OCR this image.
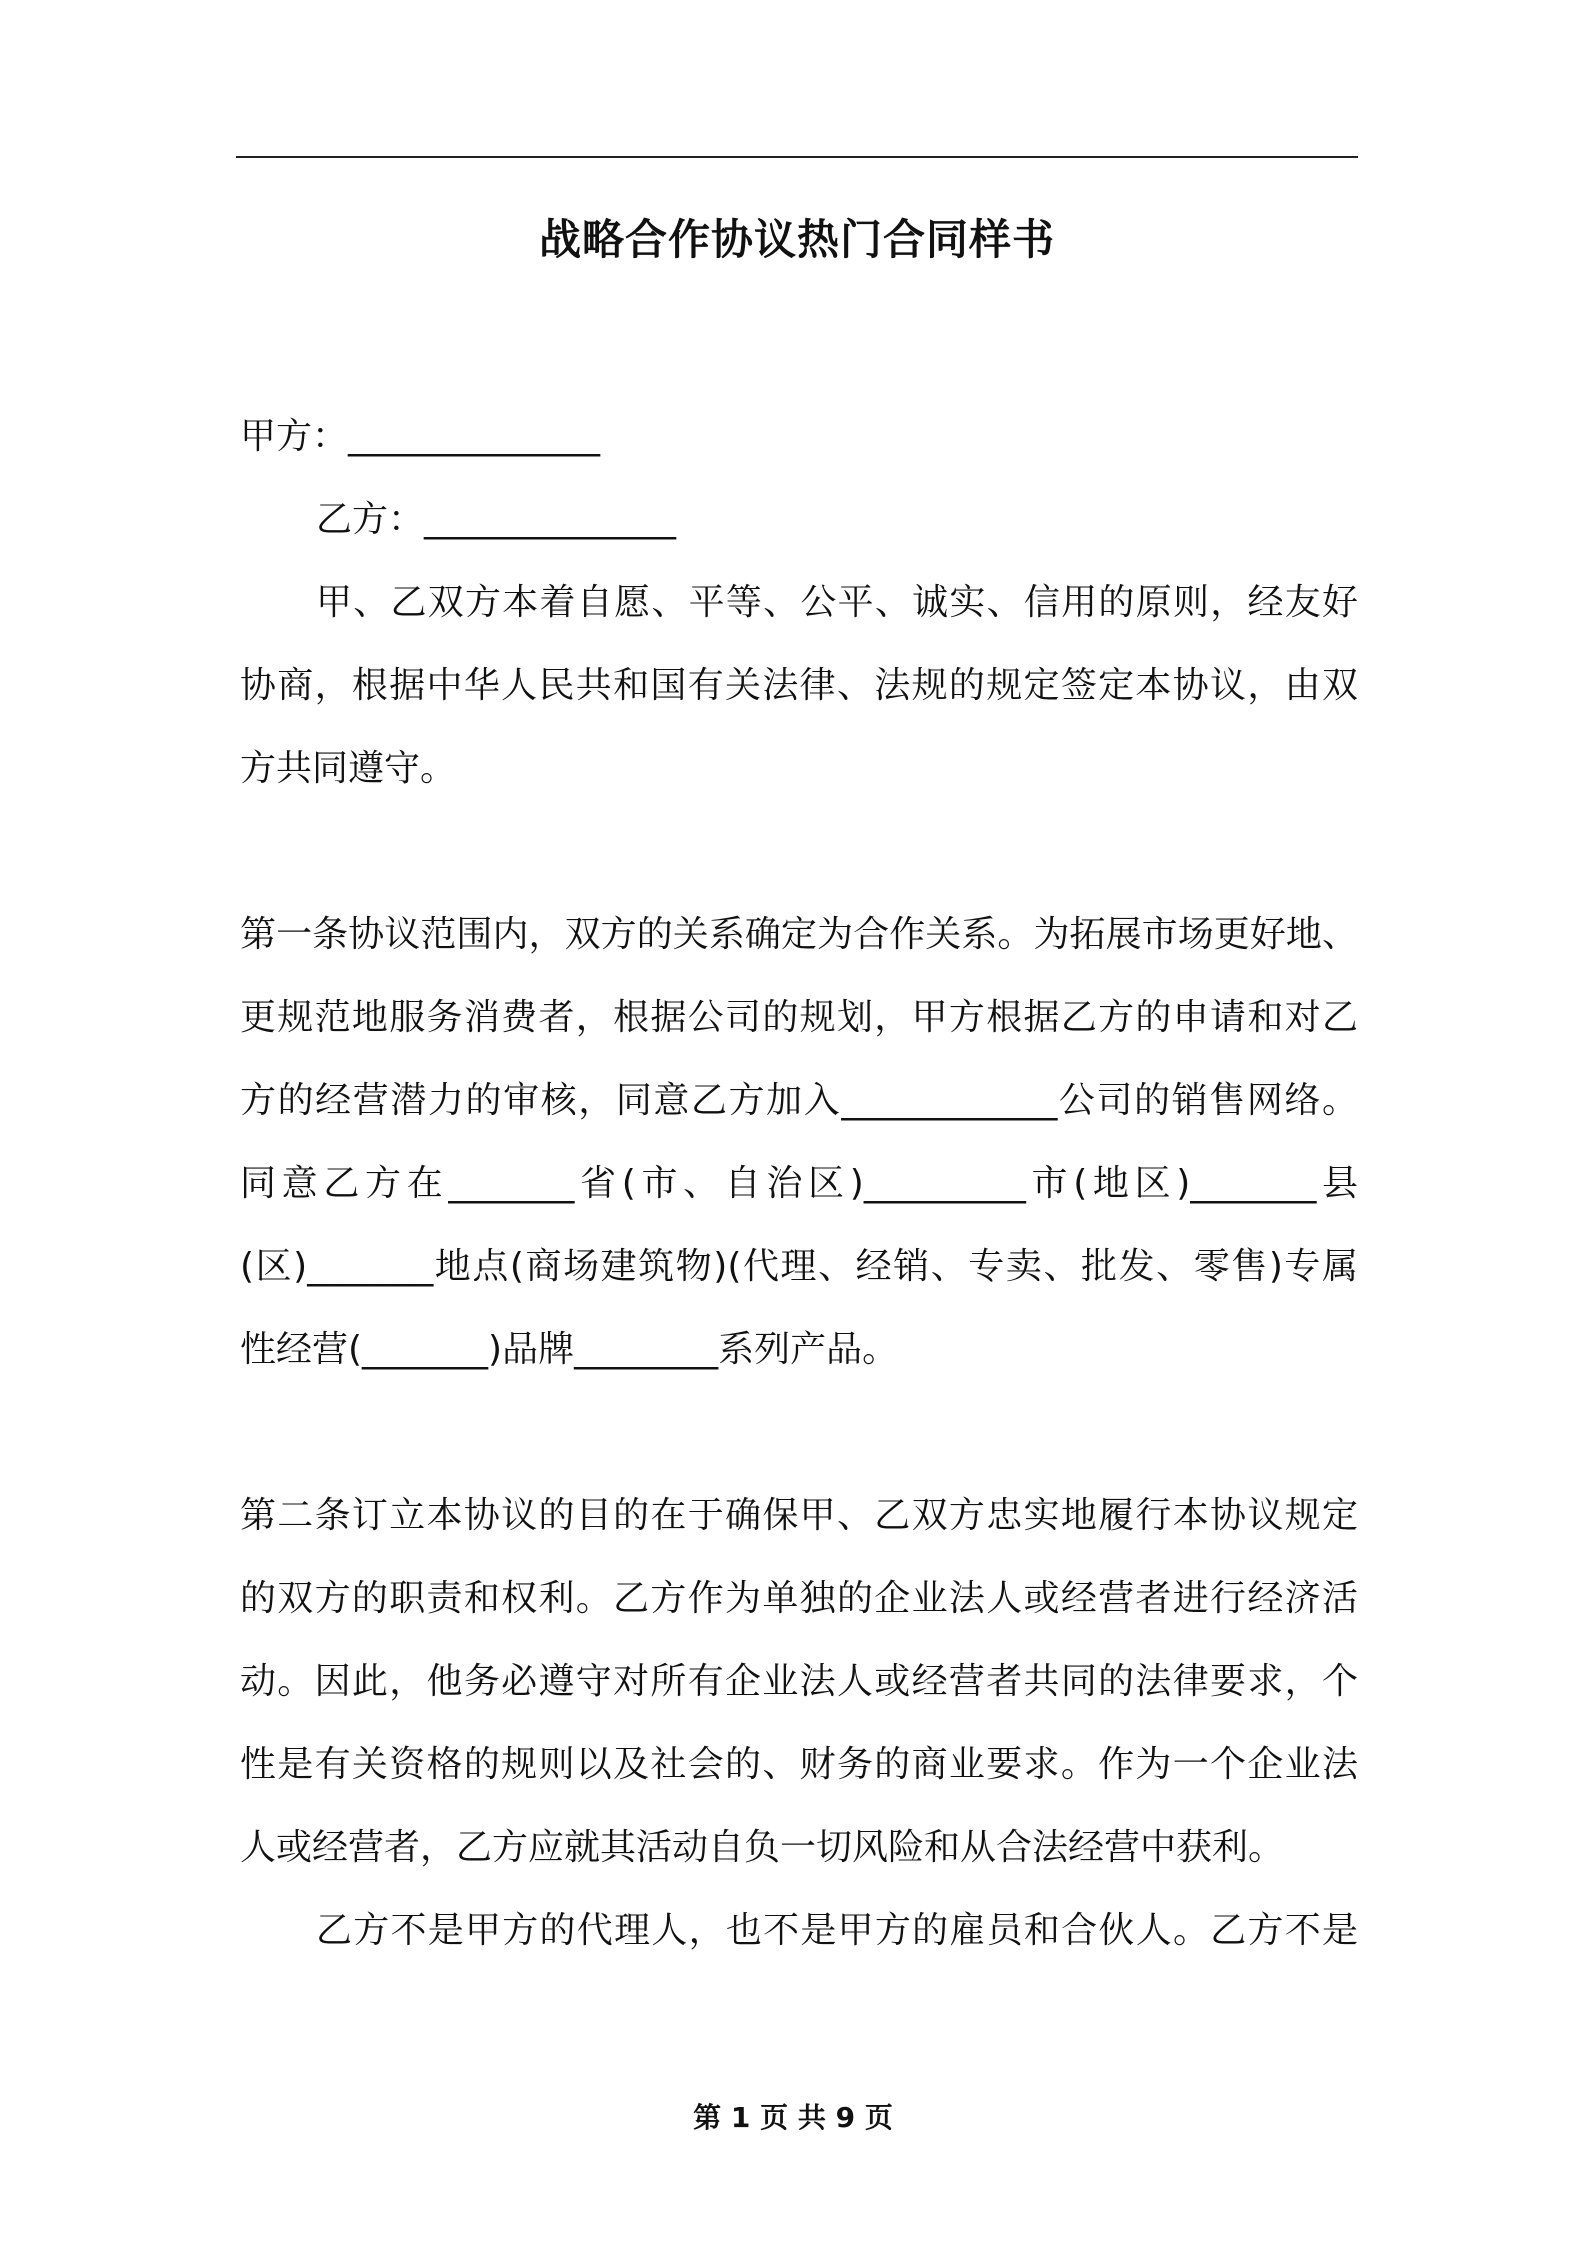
战略合作协议热门合同样书
甲方：______________
乙方：______________
甲、乙双方本着自愿、平等、公平、诚实、信用的原则，经友好
协商，根据中华人民共和国有关法律、法规的规定签定本协议，由双
方共同遵守。
第一条协议范围内，双方的关系确定为合作关系。为拓展市场更好地、
更规范地服务消费者，根据公司的规划，甲方根据乙方的申请和对乙
方的经营潜力的审核，同意乙方加入____________公司的销售网络。
同意乙方在_______省(市、自治区)_________市(地区)_______县
(区)_______地点(商场建筑物)(代理、经销、专卖、批发、零售)专属
性经营(_______)品牌________系列产品。
第二条订立本协议的目的在于确保甲、乙双方忠实地履行本协议规定
的双方的职责和权利。乙方作为单独的企业法人或经营者进行经济活
动。因此，他务必遵守对所有企业法人或经营者共同的法律要求，个
性是有关资格的规则以及社会的、财务的商业要求。作为一个企业法
人或经营者，乙方应就其活动自负一切风险和从合法经营中获利。
乙方不是甲方的代理人，也不是甲方的雇员和合伙人。乙方不是
第 1 页 共 9 页
